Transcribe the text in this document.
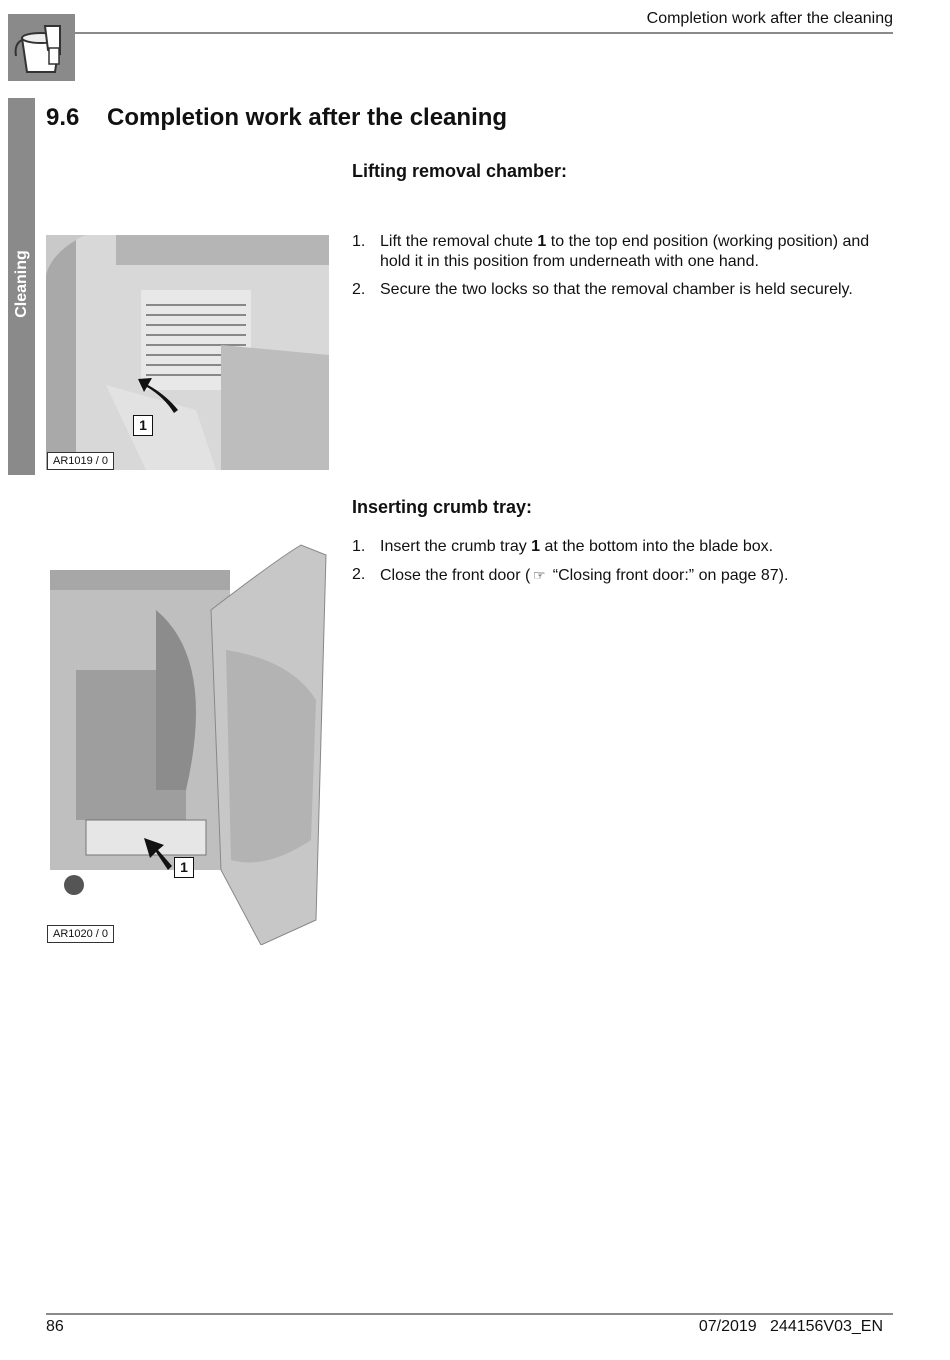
Completion work after the cleaning
Cleaning
9.6 Completion work after the cleaning
Lifting removal chamber:
1
AR1019 / 0
1. Lift the removal chute 1 to the top end position (working position) and hold it in this position from underneath with one hand.
2. Secure the two locks so that the removal chamber is held securely.
Inserting crumb tray:
1
AR1020 / 0
1. Insert the crumb tray 1 at the bottom into the blade box.
2. Close the front door ( ☞ “Closing front door:” on page 87).
86	07/2019   244156V03_EN
